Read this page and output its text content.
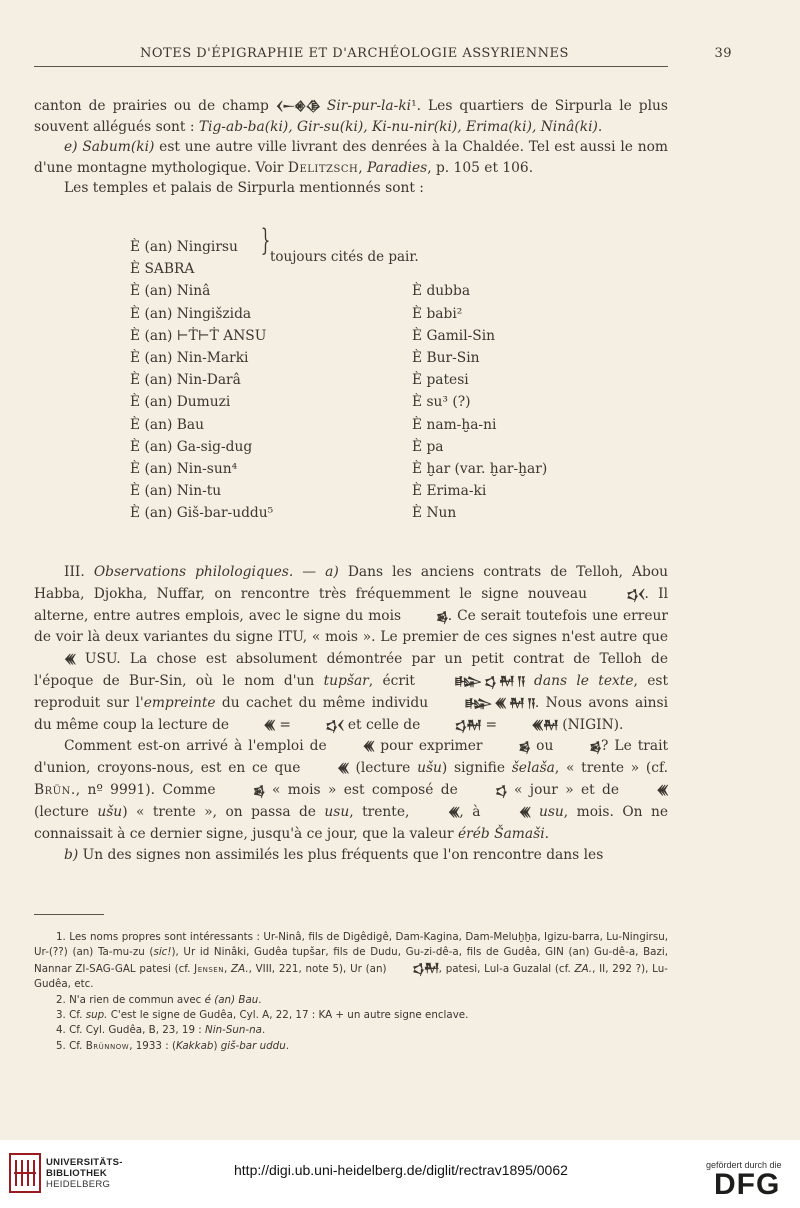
NOTES D'ÉPIGRAPHIE ET D'ARCHÉOLOGIE ASSYRIENNES	39

canton de prairies ou de champ 𒌋𒀸𒄯𒆠 Sir-pur-la-ki¹. Les quartiers de Sirpurla le plus souvent allégués sont : Tig-ab-ba(ki), Gir-su(ki), Ki-nu-nir(ki), Erima(ki), Ninâ(ki).

e) Sabum(ki) est une autre ville livrant des denrées à la Chaldée. Tel est aussi le nom d'une montagne mythologique. Voir Delitzsch, Paradies, p. 105 et 106.

Les temples et palais de Sirpurla mentionnés sont :

È (an) Ningirsu } toujours cités de pair.
È SABRA
È (an) Ninâ	È dubba
È (an) Ningišzida	È babi²
È (an) ⊢Ṫ⊢Ṫ ANSU	È Gamil-Sin
È (an) Nin-Marki	È Bur-Sin
È (an) Nin-Darâ	È patesi
È (an) Dumuzi	È su³ (?)
È (an) Bau	È nam-ḫa-ni
È (an) Ga-sig-dug	È pa
È (an) Nin-sun⁴	È ḫar (var. ḫar-ḫar)
È (an) Nin-tu	È Erima-ki
È (an) Giš-bar-uddu⁵	È Nun

III. Observations philologiques. — a) Dans les anciens contrats de Telloh, Abou Habba, Djokha, Nuffar, on rencontre très fréquemment le signe nouveau	𒌓𒌋. Il alterne, entre autres emplois, avec le signe du mois	𒌗. Ce serait toutefois une erreur de voir là deux variantes du signe ITU, « mois ». Le premier de ces signes n'est autre que 𒌍 USU. La chose est absolument démontrée par un petit contrat de Telloh de l'époque de Bur-Sin, où le nom d'un tupšar, écrit	𒈗 𒌓 𒈹 𒀀 dans le texte, est reproduit sur l'empreinte du cachet du même individu	𒈗 𒌍 𒈹 𒀀. Nous avons ainsi du même coup la lecture de	𒌍 =	𒌓𒌋 et celle de	𒌓𒈹 =	𒌍𒈹 (NIGIN).

Comment est-on arrivé à l'emploi de	𒌍 pour exprimer	𒌗 ou	𒌗? Le trait d'union, croyons-nous, est en ce que	𒌍 (lecture ušu) signifie šelaša, « trente » (cf. Brün., nº 9991). Comme	𒌗 « mois » est composé de	𒌓 « jour » et de	𒌍 (lecture ušu) « trente », on passa de usu, trente,	𒌍, à	𒌍 usu, mois. On ne connaissait à ce dernier signe, jusqu'à ce jour, que la valeur éréb Šamaši.

b) Un des signes non assimilés les plus fréquents que l'on rencontre dans les

1. Les noms propres sont intéressants : Ur-Ninâ, fils de Digêdigê, Dam-Kagina, Dam-Meluḫḫa, Igizu-barra, Lu-Ningirsu, Ur-(??) (an) Ta-mu-zu (sic!), Ur id Ninâki, Gudêa tupšar, fils de Dudu, Gu-zi-dê-a, fils de Gudêa, GIN (an) Gu-dê-a, Bazi, Nannar ZI-SAG-GAL patesi (cf. Jensen, ZA., VIII, 221, note 5), Ur (an) 𒌓𒈹, patesi, Lul-a Guzalal (cf. ZA., II, 292 ?), Lu-Gudêa, etc.

2. N'a rien de commun avec é (an) Bau.

3. Cf. sup. C'est le signe de Gudêa, Cyl. A, 22, 17 : KA + un autre signe enclave.

4. Cf. Cyl. Gudêa, B, 23, 19 : Nin-Sun-na.

5. Cf. Brünnow, 1933 : (Kakkab) giš-bar uddu.

UNIVERSITÄTS-
BIBLIOTHEK
HEIDELBERG
http://digi.ub.uni-heidelberg.de/diglit/rectrav1895/0062	gefördert durch die
DFG
